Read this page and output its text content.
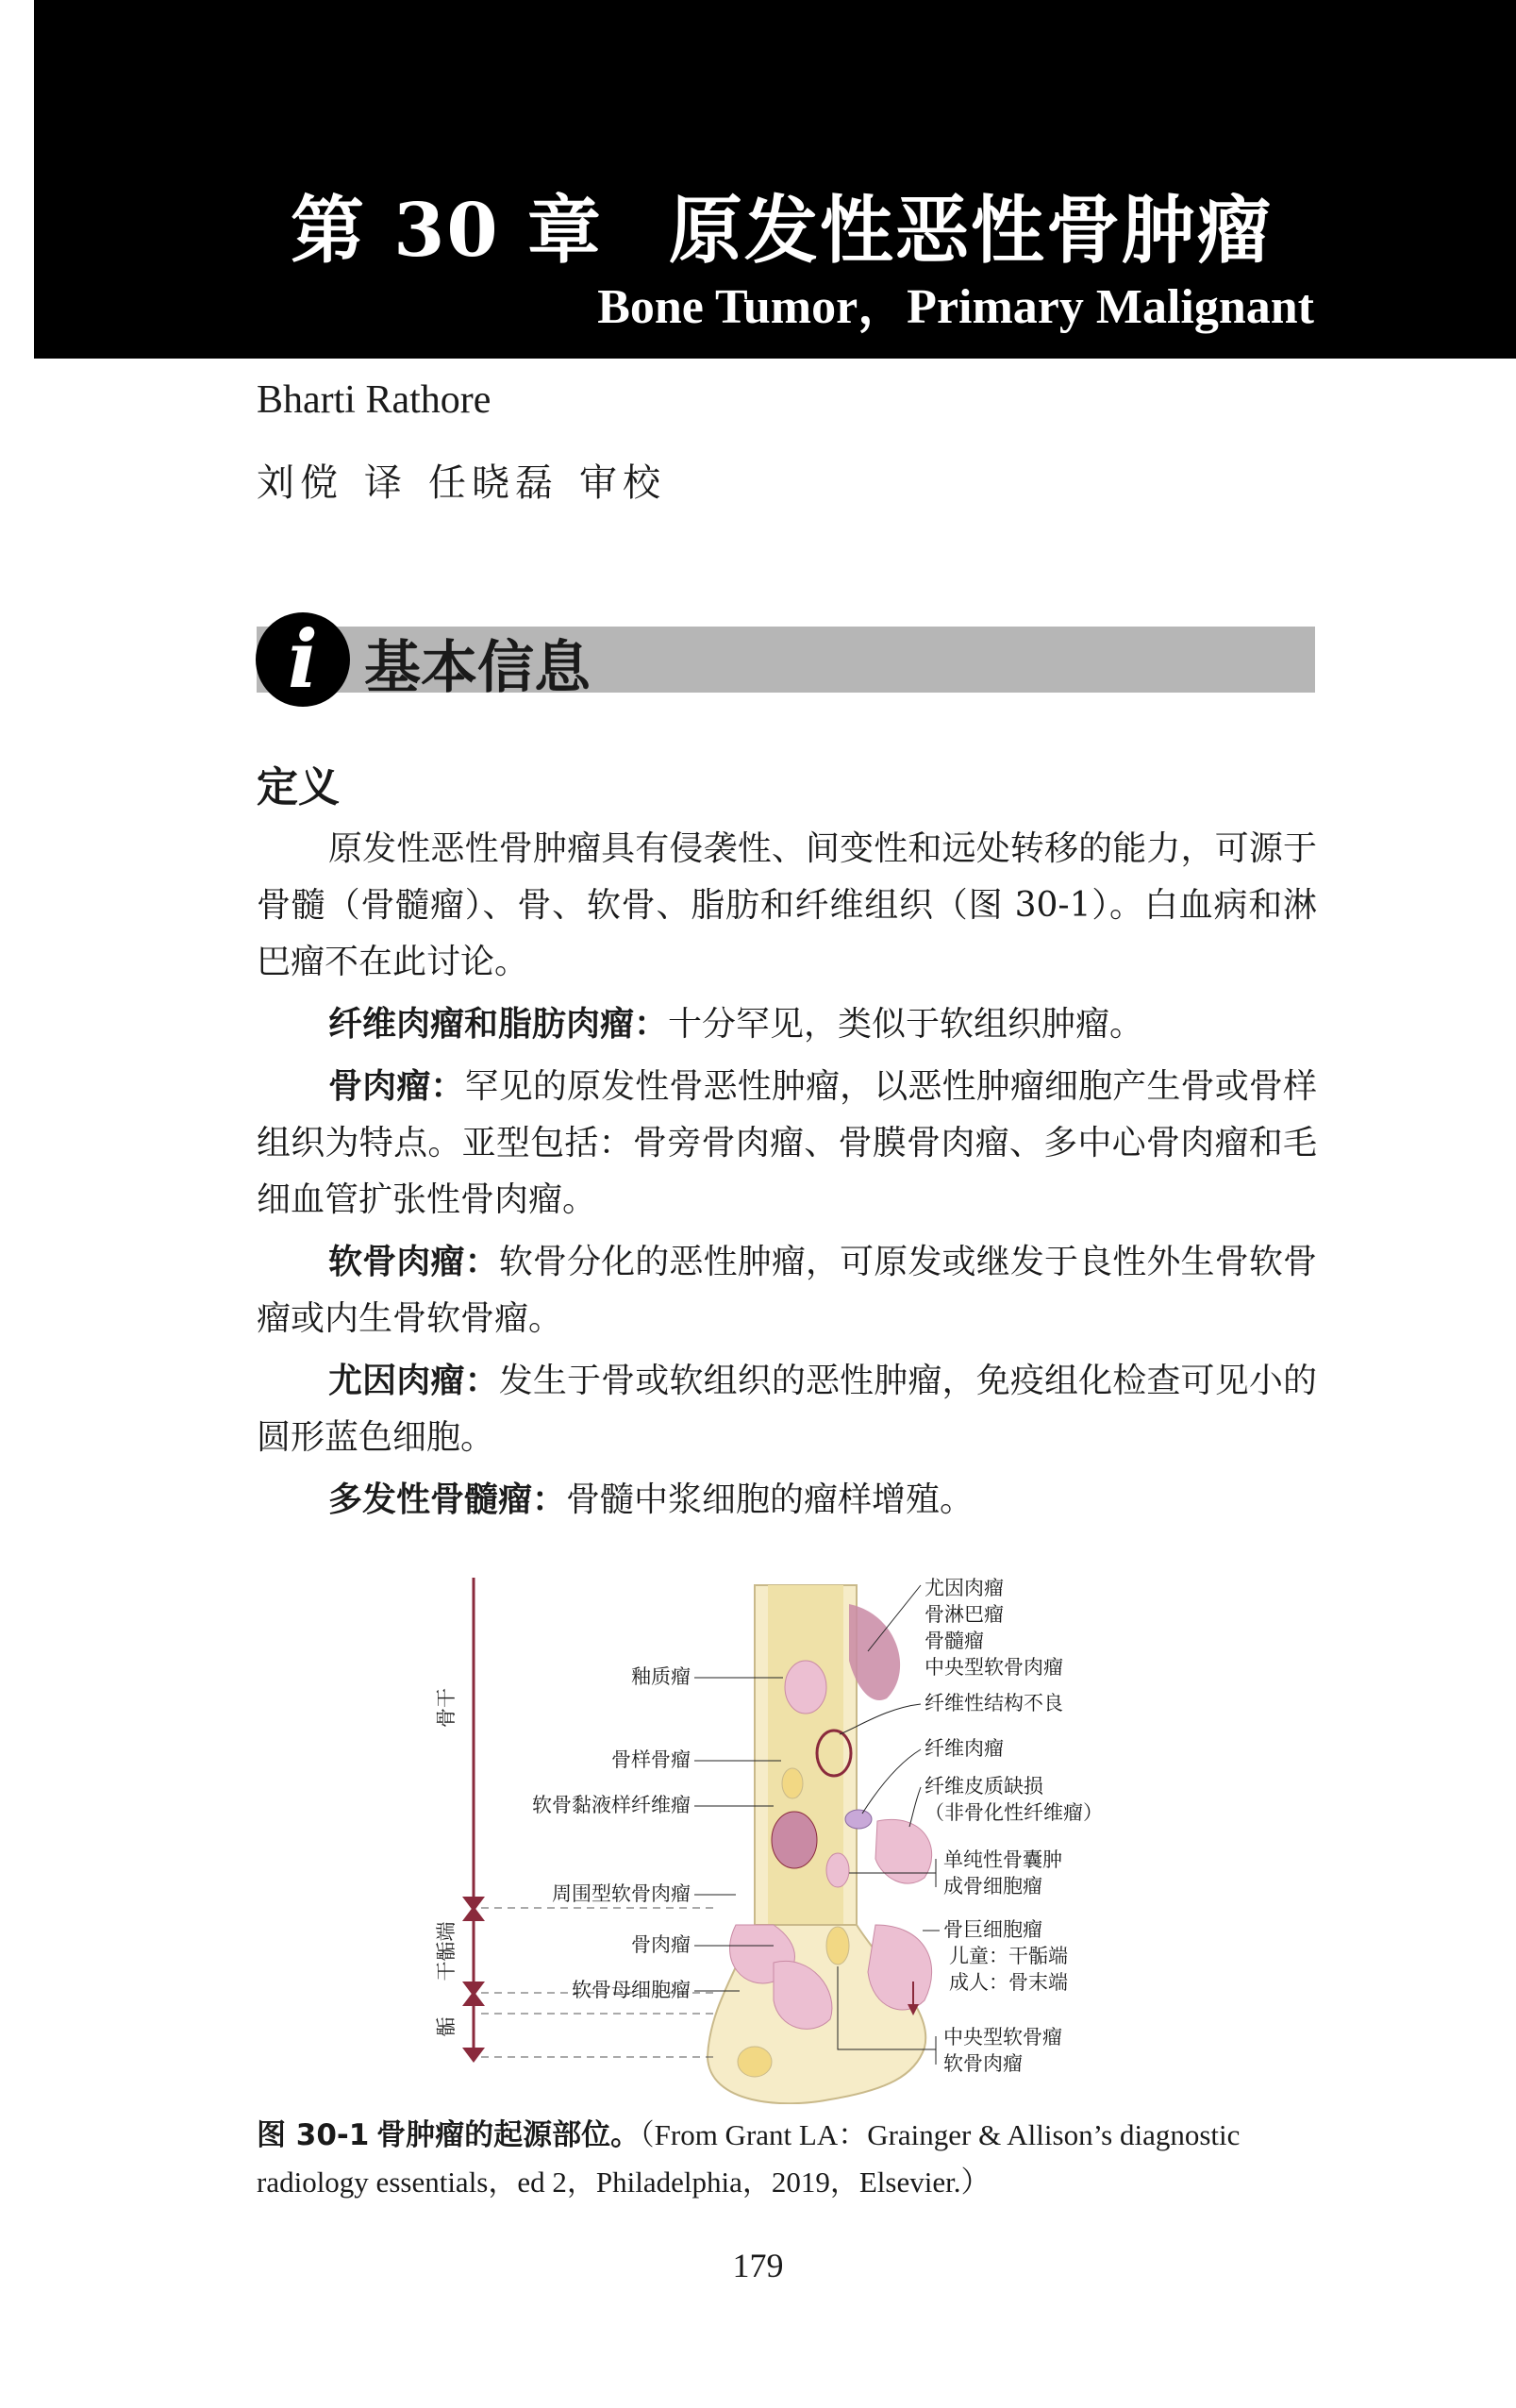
第 30 章 原发性恶性骨肿瘤
Bone Tumor，Primary Malignant
Bharti Rathore
刘傥 译 任晓磊 审校
i 基本信息
定义

原发性恶性骨肿瘤具有侵袭性、间变性和远处转移的能力，可源于骨髓（骨髓瘤）、骨、软骨、脂肪和纤维组织（图 30-1）。白血病和淋巴瘤不在此讨论。

纤维肉瘤和脂肪肉瘤：十分罕见，类似于软组织肿瘤。

骨肉瘤：罕见的原发性骨恶性肿瘤，以恶性肿瘤细胞产生骨或骨样组织为特点。亚型包括：骨旁骨肉瘤、骨膜骨肉瘤、多中心骨肉瘤和毛细血管扩张性骨肉瘤。

软骨肉瘤：软骨分化的恶性肿瘤，可原发或继发于良性外生骨软骨瘤或内生骨软骨瘤。

尤因肉瘤：发生于骨或软组织的恶性肿瘤，免疫组化检查可见小的圆形蓝色细胞。

多发性骨髓瘤：骨髓中浆细胞的瘤样增殖。

骨干
干骺端
骺
釉质瘤
骨样骨瘤
软骨黏液样纤维瘤
周围型软骨肉瘤
骨肉瘤
软骨母细胞瘤
尤因肉瘤
骨淋巴瘤
骨髓瘤
中央型软骨肉瘤
纤维性结构不良
纤维肉瘤
纤维皮质缺损
（非骨化性纤维瘤）
单纯性骨囊肿
成骨细胞瘤
骨巨细胞瘤
儿童：干骺端
成人：骨末端
中央型软骨瘤
软骨肉瘤
图 30-1 骨肿瘤的起源部位。（From Grant LA：Grainger & Allison’s diagnostic radiology essentials，ed 2，Philadelphia，2019，Elsevier.）
179
